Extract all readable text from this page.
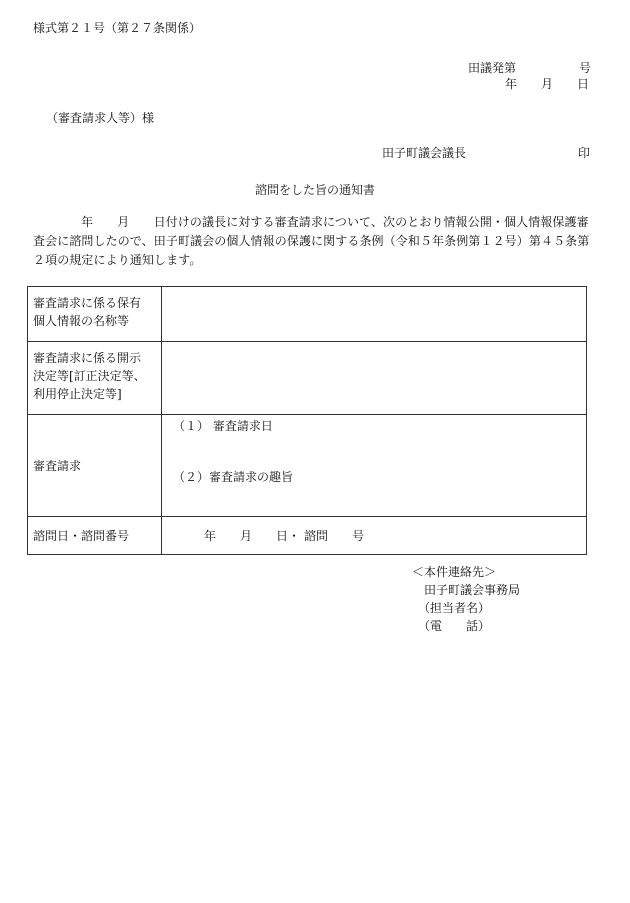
様式第２１号（第２７条関係）
田議発第	号
年 月 日
（審査請求人等）様
田子町議会議長	印
諮問をした旨の通知書
年　　月　　日付けの議長に対する審査請求について、次のとおり情報公開・個人情報保護審査会に諮問したので、田子町議会の個人情報の保護に関する条例（令和５年条例第１２号）第４５条第２項の規定により通知します。
審査請求に係る保有
個人情報の名称等	

審査請求に係る開示
決定等[訂正決定等、
利用停止決定等]	

審査請求	（１） 審査請求日
（２）審査請求の趣旨

諮問日・諮問番号	年 月 日・ 諮問 号
＜本件連絡先＞
田子町議会事務局
（担当者名）
（電　　話）
